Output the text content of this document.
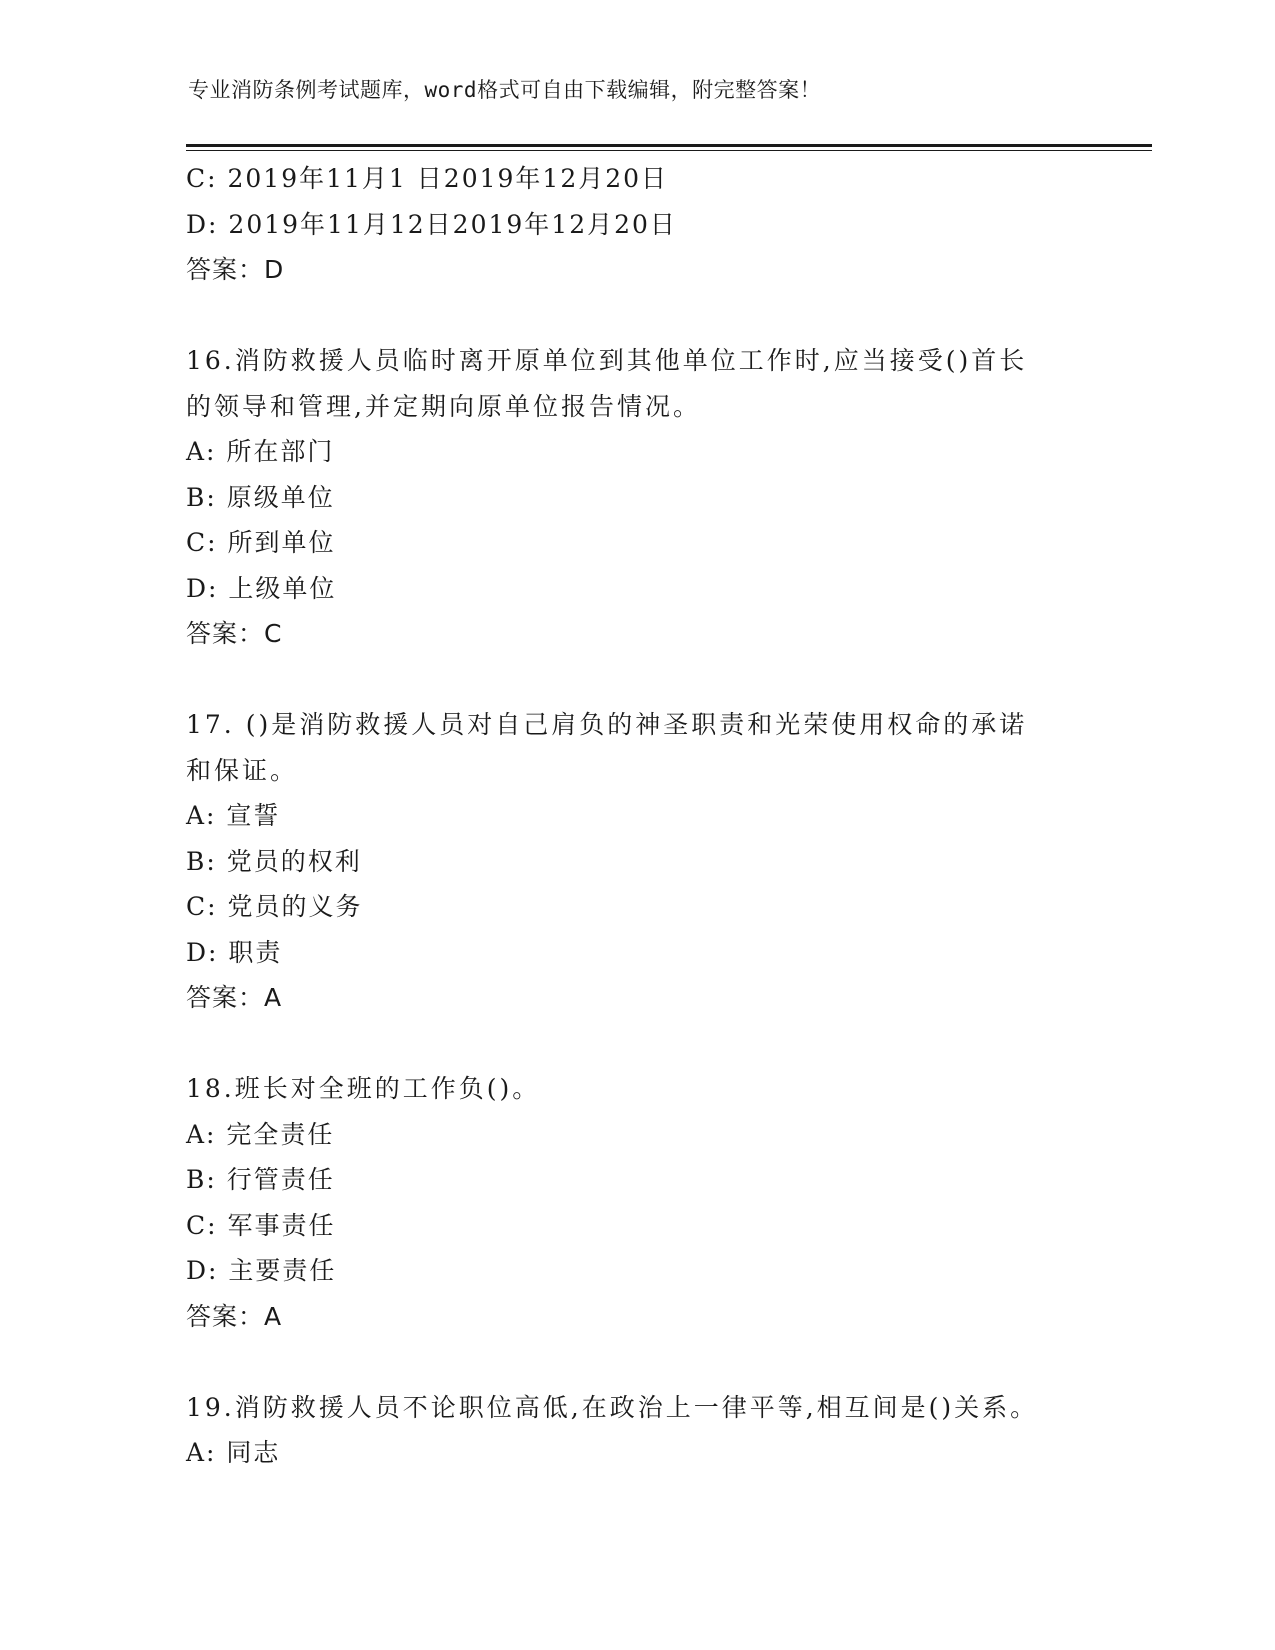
专业消防条例考试题库，word格式可自由下载编辑，附完整答案！
C: 2019年11月1 日2019年12月20日
D: 2019年11月12日2019年12月20日
答案：D
16.消防救援人员临时离开原单位到其他单位工作时,应当接受()首长
的领导和管理,并定期向原单位报告情况。
A: 所在部门
B: 原级单位
C: 所到单位
D: 上级单位
答案：C
17. ()是消防救援人员对自己肩负的神圣职责和光荣使用权命的承诺
和保证。
A: 宣誓
B: 党员的权利
C: 党员的义务
D: 职责
答案：A
18.班长对全班的工作负()。
A: 完全责任
B: 行管责任
C: 军事责任
D: 主要责任
答案：A
19.消防救援人员不论职位高低,在政治上一律平等,相互间是()关系。
A: 同志
